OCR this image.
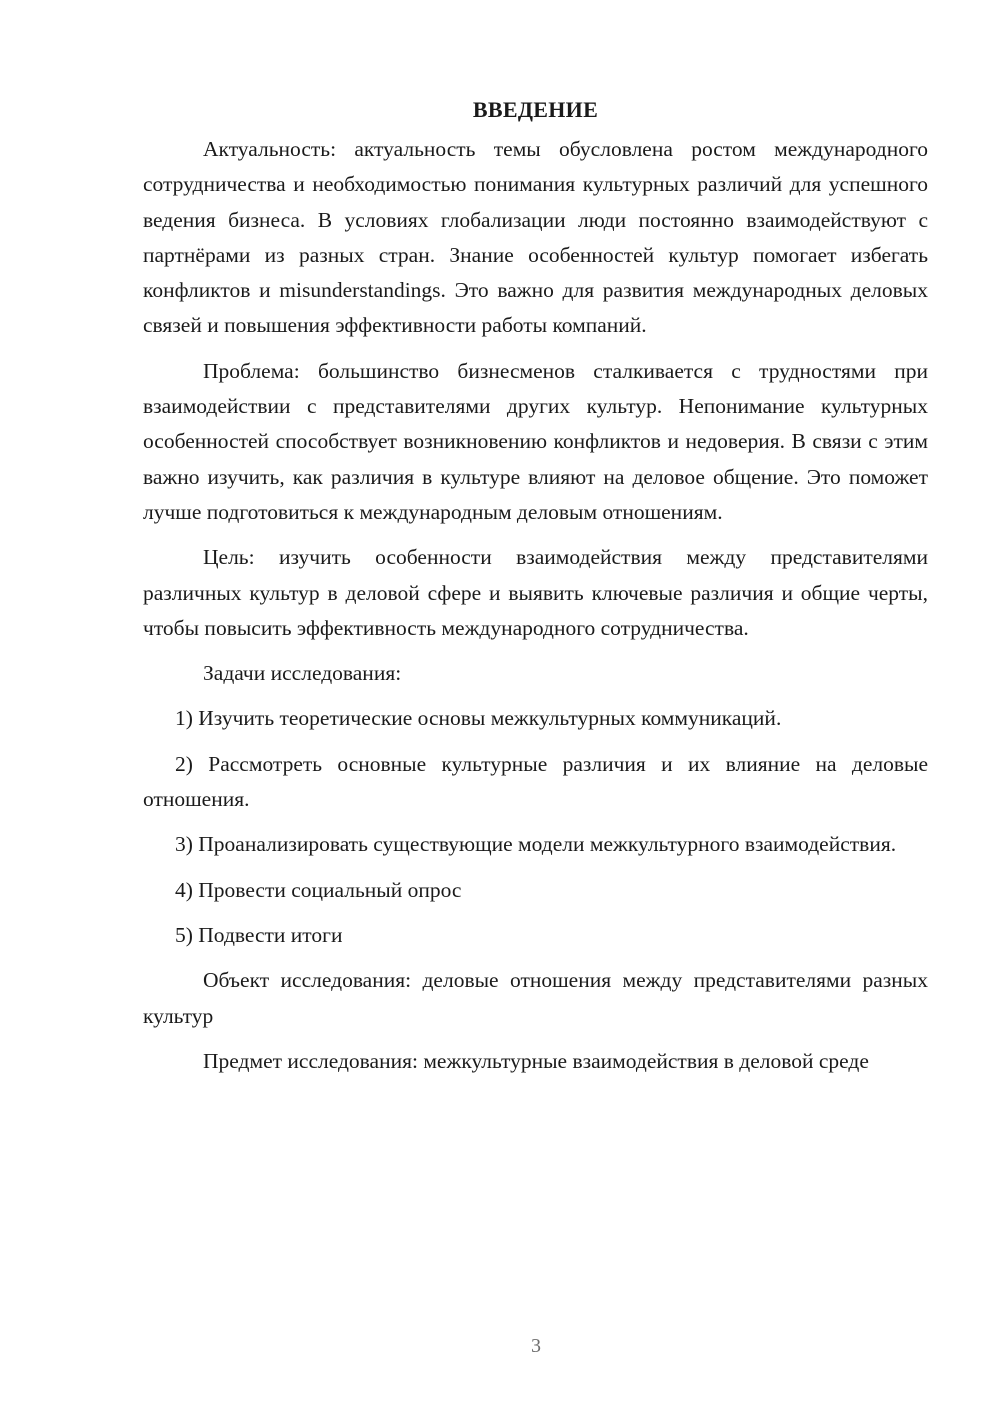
ВВЕДЕНИЕ

Актуальность: актуальность темы обусловлена ростом международного сотрудничества и необходимостью понимания культурных различий для успешного ведения бизнеса. В условиях глобализации люди постоянно взаимодействуют с партнёрами из разных стран. Знание особенностей культур помогает избегать конфликтов и misunderstandings. Это важно для развития международных деловых связей и повышения эффективности работы компаний.

Проблема: большинство бизнесменов сталкивается с трудностями при взаимодействии с представителями других культур. Непонимание культурных особенностей способствует возникновению конфликтов и недоверия. В связи с этим важно изучить, как различия в культуре влияют на деловое общение. Это поможет лучше подготовиться к международным деловым отношениям.

Цель: изучить особенности взаимодействия между представителями различных культур в деловой сфере и выявить ключевые различия и общие черты, чтобы повысить эффективность международного сотрудничества.

Задачи исследования:

1) Изучить теоретические основы межкультурных коммуникаций.

2) Рассмотреть основные культурные различия и их влияние на деловые отношения.

3) Проанализировать существующие модели межкультурного взаимодействия.

4) Провести социальный опрос

5) Подвести итоги

Объект исследования: деловые отношения между представителями разных культур

Предмет исследования: межкультурные взаимодействия в деловой среде

3
